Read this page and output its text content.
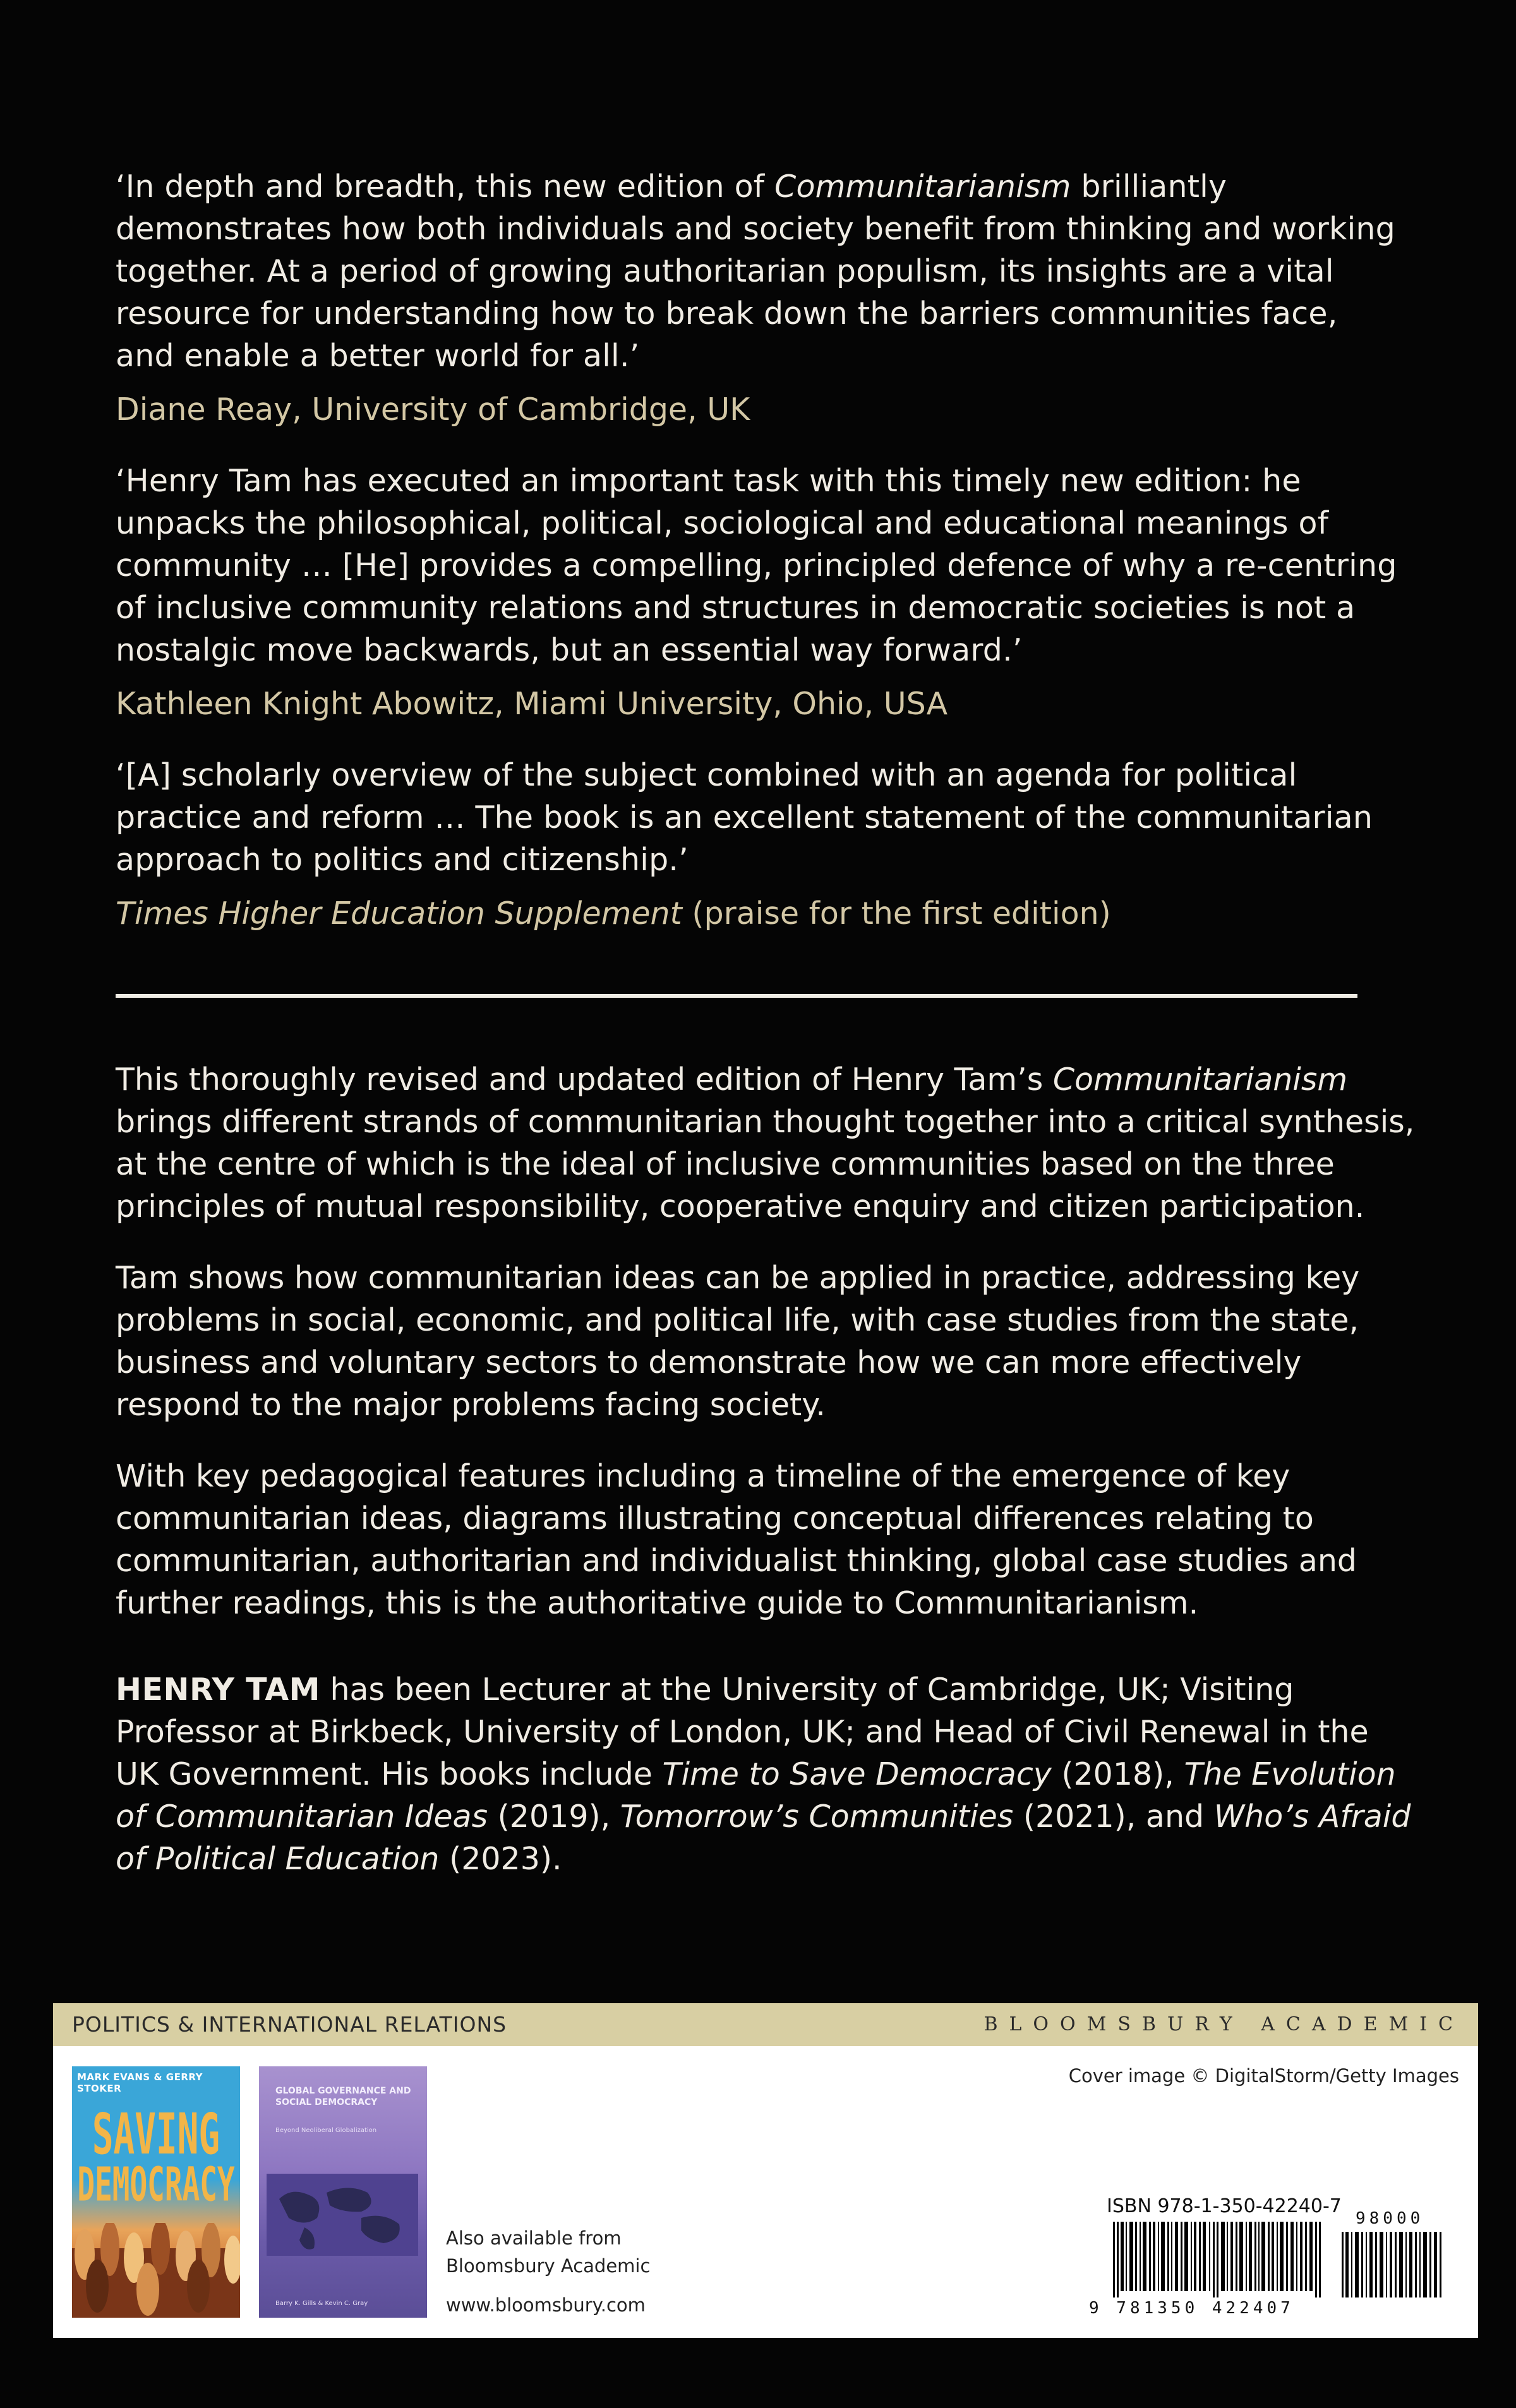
‘In depth and breadth, this new edition of Communitarianism brilliantly demonstrates how both individuals and society benefit from thinking and working together. At a period of growing authoritarian populism, its insights are a vital resource for understanding how to break down the barriers communities face, and enable a better world for all.’

Diane Reay, University of Cambridge, UK

‘Henry Tam has executed an important task with this timely new edition: he unpacks the philosophical, political, sociological and educational meanings of community … [He] provides a compelling, principled defence of why a re-centring of inclusive community relations and structures in democratic societies is not a nostalgic move backwards, but an essential way forward.’

Kathleen Knight Abowitz, Miami University, Ohio, USA

‘[A] scholarly overview of the subject combined with an agenda for political practice and reform … The book is an excellent statement of the communitarian approach to politics and citizenship.’

Times Higher Education Supplement (praise for the first edition)

This thoroughly revised and updated edition of Henry Tam’s Communitarianism brings different strands of communitarian thought together into a critical synthesis, at the centre of which is the ideal of inclusive communities based on the three principles of mutual responsibility, cooperative enquiry and citizen participation.

Tam shows how communitarian ideas can be applied in practice, addressing key problems in social, economic, and political life, with case studies from the state, business and voluntary sectors to demonstrate how we can more effectively respond to the major problems facing society.

With key pedagogical features including a timeline of the emergence of key communitarian ideas, diagrams illustrating conceptual differences relating to communitarian, authoritarian and individualist thinking, global case studies and further readings, this is the authoritative guide to Communitarianism.

HENRY TAM has been Lecturer at the University of Cambridge, UK; Visiting Professor at Birkbeck, University of London, UK; and Head of Civil Renewal in the UK Government. His books include Time to Save Democracy (2018), The Evolution of Communitarian Ideas (2019), Tomorrow’s Communities (2021), and Who’s Afraid of Political Education (2023).

POLITICS & INTERNATIONAL RELATIONS	BLOOMSBURY ACADEMIC
Cover image © DigitalStorm/Getty Images
MARK EVANS & GERRY STOKER
SAVING
DEMOCRACY
GLOBAL GOVERNANCE AND SOCIAL DEMOCRACY
Beyond Neoliberal Globalization
Barry K. Gills & Kevin C. Gray
Also available from
Bloomsbury Academic
www.bloomsbury.com
ISBN 978-1-350-42240-7
98000
9 781350 422407
